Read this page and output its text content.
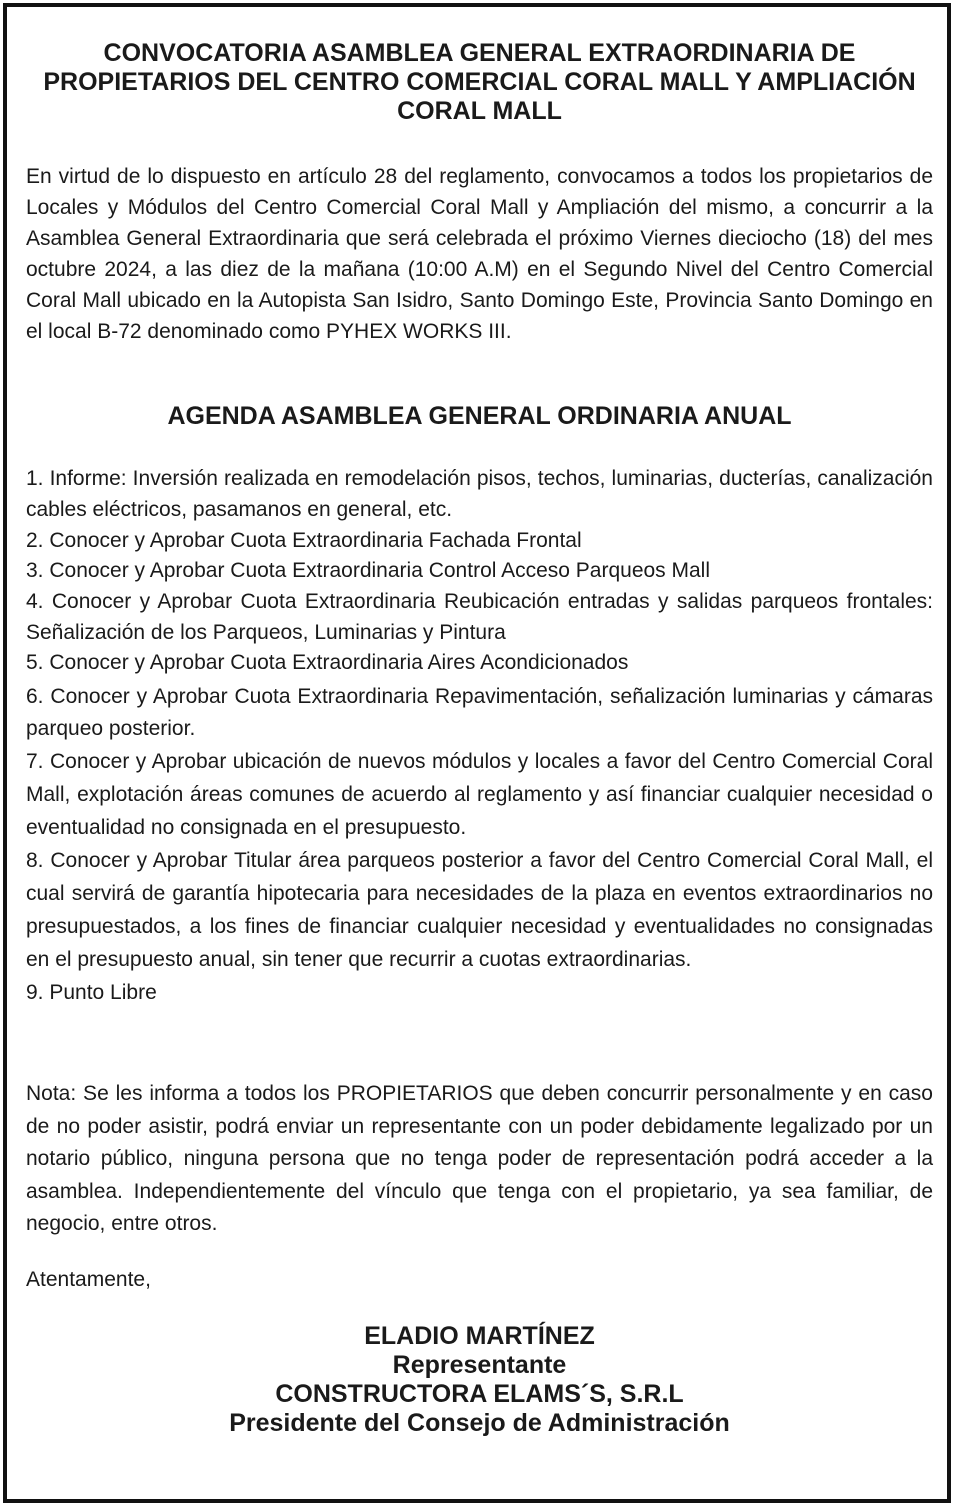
CONVOCATORIA ASAMBLEA GENERAL EXTRAORDINARIA DE PROPIETARIOS DEL CENTRO COMERCIAL CORAL MALL Y AMPLIACIÓN CORAL MALL

En virtud de lo dispuesto en artículo 28 del reglamento, convocamos a todos los propietarios de Locales y Módulos del Centro Comercial Coral Mall y Ampliación del mismo, a concurrir a la Asamblea General Extraordinaria que será celebrada el próximo Viernes dieciocho (18) del mes octubre 2024, a las diez de la mañana (10:00 A.M) en el Segundo Nivel del Centro Comercial Coral Mall ubicado en la Autopista San Isidro, Santo Domingo Este, Provincia Santo Domingo en el local B-72 denominado como PYHEX WORKS III.

AGENDA ASAMBLEA GENERAL ORDINARIA ANUAL
1. Informe: Inversión realizada en remodelación pisos, techos, luminarias, ducterías, canalización cables eléctricos, pasamanos en general, etc.
2. Conocer y Aprobar Cuota Extraordinaria Fachada Frontal
3. Conocer y Aprobar Cuota Extraordinaria Control Acceso Parqueos Mall
4. Conocer y Aprobar Cuota Extraordinaria Reubicación entradas y salidas parqueos frontales: Señalización de los Parqueos, Luminarias y Pintura
5. Conocer y Aprobar Cuota Extraordinaria Aires Acondicionados
6. Conocer y Aprobar Cuota Extraordinaria Repavimentación, señalización luminarias y cámaras parqueo posterior.
7. Conocer y Aprobar ubicación de nuevos módulos y locales a favor del Centro Comercial Coral Mall, explotación áreas comunes de acuerdo al reglamento y así financiar cualquier necesidad o eventualidad no consignada en el presupuesto.
8. Conocer y Aprobar Titular área parqueos posterior a favor del Centro Comercial Coral Mall, el cual servirá de garantía hipotecaria para necesidades de la plaza en eventos extraordinarios no presupuestados, a los fines de financiar cualquier necesidad y eventualidades no consignadas en el presupuesto anual, sin tener que recurrir a cuotas extraordinarias.
9. Punto Libre

Nota: Se les informa a todos los PROPIETARIOS que deben concurrir personalmente y en caso de no poder asistir, podrá enviar un representante con un poder debidamente legalizado por un notario público, ninguna persona que no tenga poder de representación podrá acceder a la asamblea. Independientemente del vínculo que tenga con el propietario, ya sea familiar, de negocio, entre otros.

Atentamente,

ELADIO MARTÍNEZ
Representante
CONSTRUCTORA ELAMS´S, S.R.L
Presidente del Consejo de Administración
